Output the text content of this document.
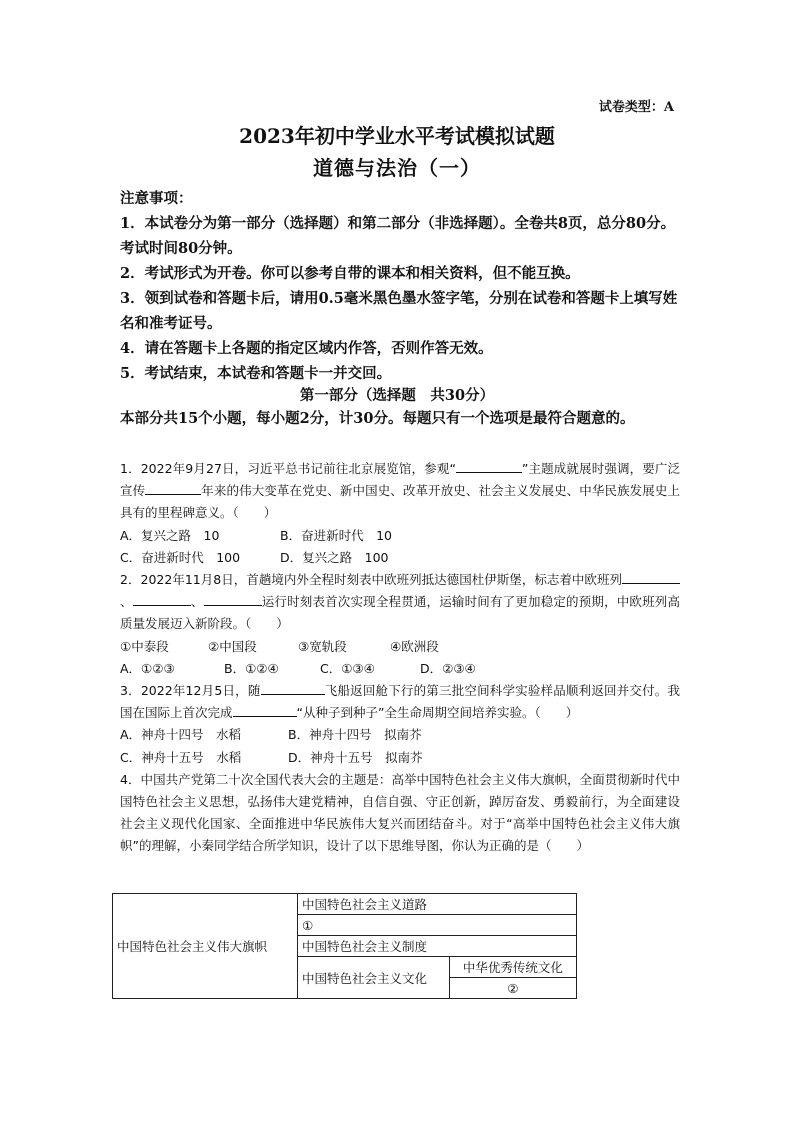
试卷类型：A
2023年初中学业水平考试模拟试题
道德与法治（一）

注意事项：

1．本试卷分为第一部分（选择题）和第二部分（非选择题）。全卷共8页，总分80分。考试时间80分钟。

2．考试形式为开卷。你可以参考自带的课本和相关资料，但不能互换。

3．领到试卷和答题卡后，请用0.5毫米黑色墨水签字笔，分别在试卷和答题卡上填写姓名和准考证号。

4．请在答题卡上各题的指定区域内作答，否则作答无效。

5．考试结束，本试卷和答题卡一并交回。

第一部分（选择题　共30分）
本部分共15个小题，每小题2分，计30分。每题只有一个选项是最符合题意的。

1．2022年9月27日，习近平总书记前往北京展览馆，参观“	”主题成就展时强调，要广泛宣传	年来的伟大变革在党史、新中国史、改革开放史、社会主义发展史、中华民族发展史上具有的里程碑意义。（　　）

A．复兴之路　10	B．奋进新时代　10

C．奋进新时代　100	D．复兴之路　100

2．2022年11月8日，首趟境内外全程时刻表中欧班列抵达德国杜伊斯堡，标志着中欧班列、	、	运行时刻表首次实现全程贯通，运输时间有了更加稳定的预期，中欧班列高质量发展迈入新阶段。（　　）

①中泰段	②中国段	③宽轨段	④欧洲段

A．①②③	B．①②④	C．①③④	D．②③④

3．2022年12月5日，随	飞船返回舱下行的第三批空间科学实验样品顺利返回并交付。我国在国际上首次完成	“从种子到种子”全生命周期空间培养实验。（　　）

A．神舟十四号　水稻	B．神舟十四号　拟南芥

C．神舟十五号　水稻	D．神舟十五号　拟南芥

4．中国共产党第二十次全国代表大会的主题是：高举中国特色社会主义伟大旗帜，全面贯彻新时代中国特色社会主义思想，弘扬伟大建党精神，自信自强、守正创新，踔厉奋发、勇毅前行，为全面建设社会主义现代化国家、全面推进中华民族伟大复兴而团结奋斗。对于“高举中国特色社会主义伟大旗帜”的理解，小秦同学结合所学知识，设计了以下思维导图，你认为正确的是（　　）

中国特色社会主义伟大旗帜	中国特色社会主义道路	
	①	
	中国特色社会主义制度	
	中国特色社会主义文化	中华优秀传统文化
		②
